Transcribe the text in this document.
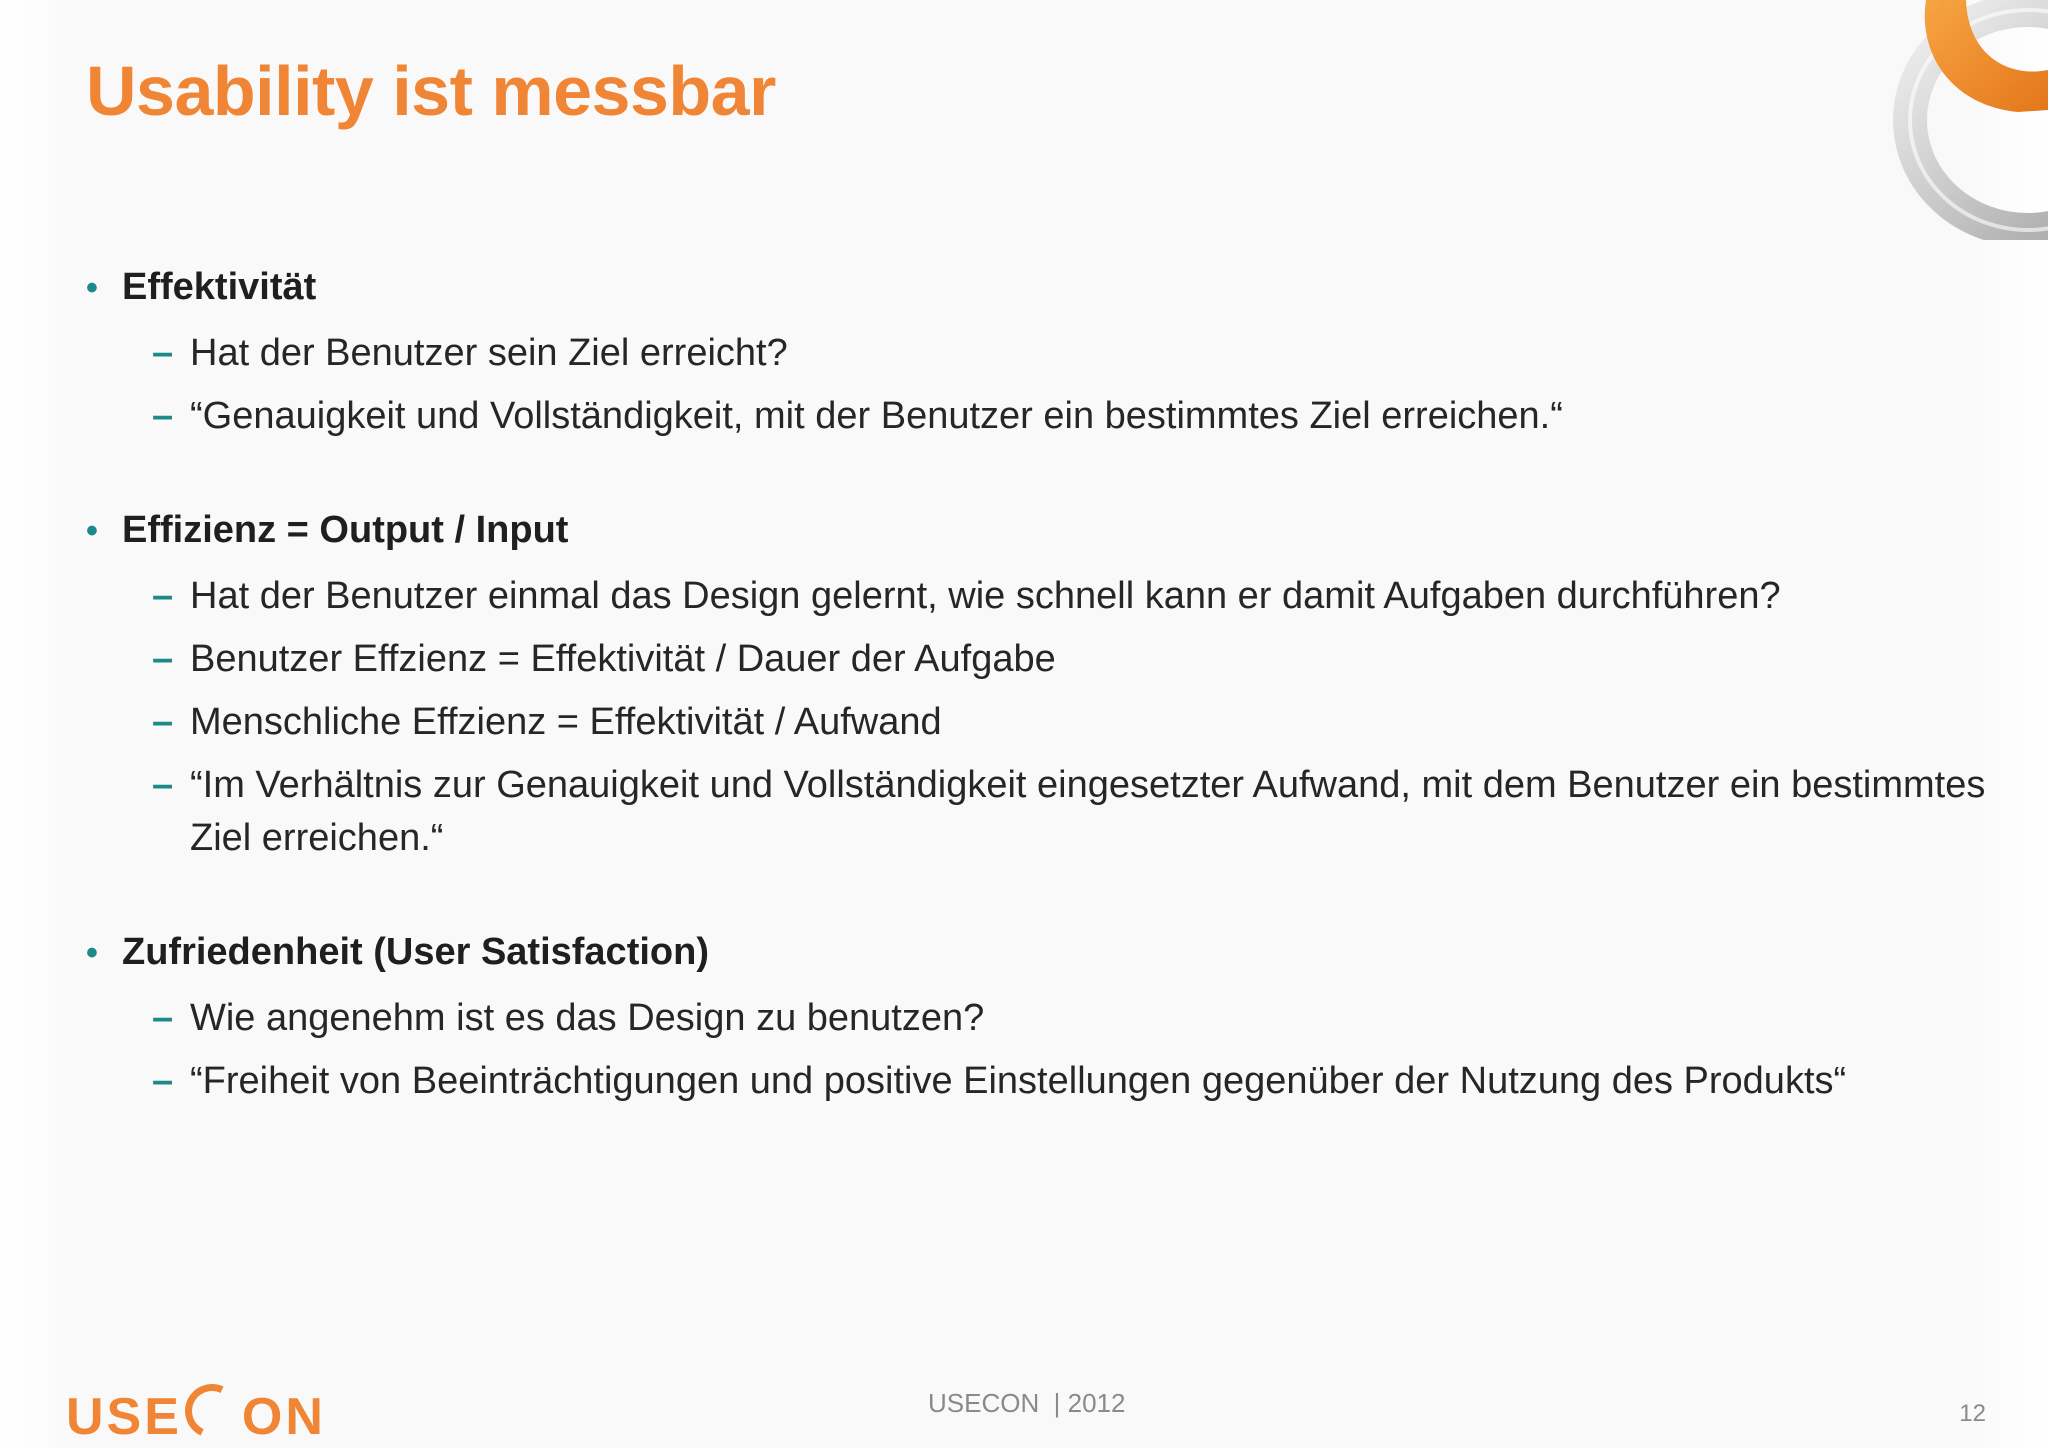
Usability ist messbar
• Effektivität
– Hat der Benutzer sein Ziel erreicht?
– “Genauigkeit und Vollständigkeit, mit der Benutzer ein bestimmtes Ziel erreichen.“
• Effizienz = Output / Input
– Hat der Benutzer einmal das Design gelernt, wie schnell kann er damit Aufgaben durchführen?
– Benutzer Effzienz = Effektivität / Dauer der Aufgabe
– Menschliche Effzienz = Effektivität / Aufwand
– “Im Verhältnis zur Genauigkeit und Vollständigkeit eingesetzter Aufwand, mit dem Benutzer ein bestimmtes Ziel erreichen.“
• Zufriedenheit (User Satisfaction)
– Wie angenehm ist es das Design zu benutzen?
– “Freiheit von Beeinträchtigungen und positive Einstellungen gegenüber der Nutzung des Produkts“
USE ON	USECON  | 2012	12
